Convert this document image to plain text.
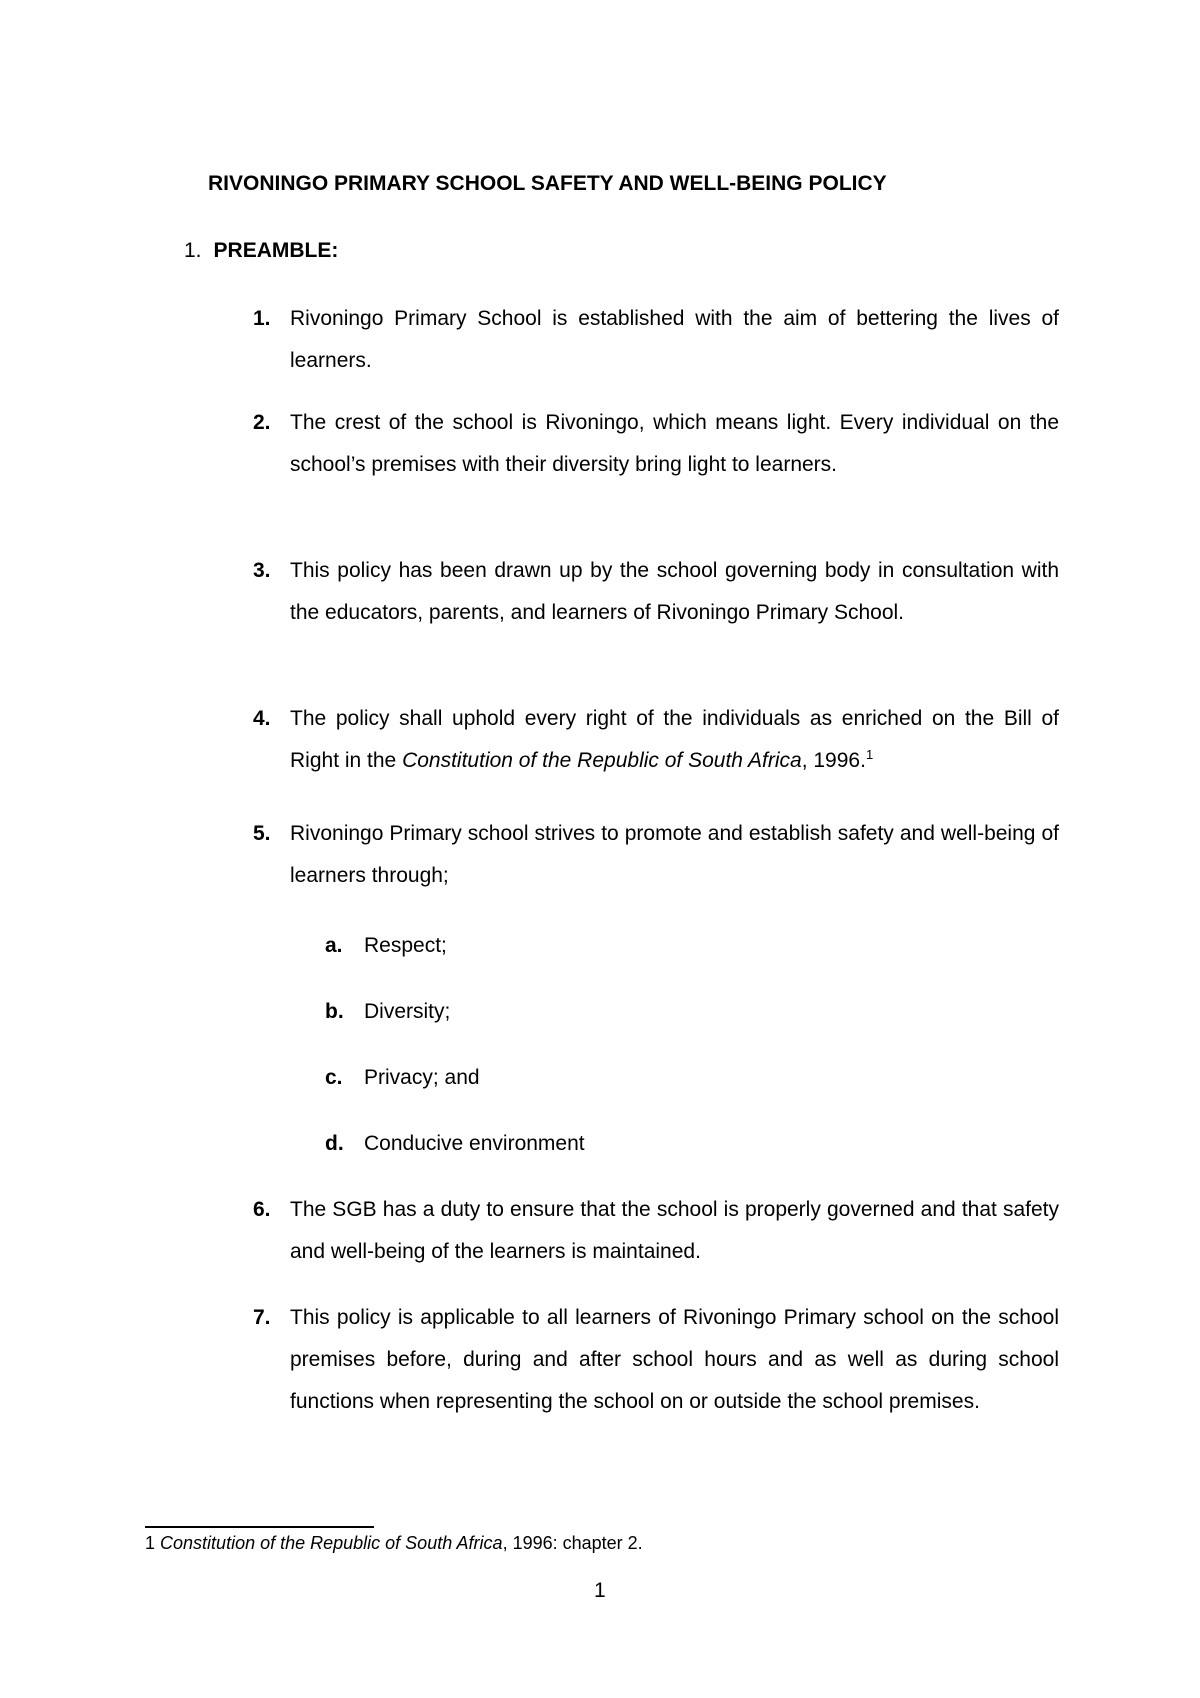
RIVONINGO PRIMARY SCHOOL SAFETY AND WELL-BEING POLICY
1. PREAMBLE:
1. Rivoningo Primary School is established with the aim of bettering the lives of learners.
2. The crest of the school is Rivoningo, which means light. Every individual on the school’s premises with their diversity bring light to learners.
3. This policy has been drawn up by the school governing body in consultation with the educators, parents, and learners of Rivoningo Primary School.
4. The policy shall uphold every right of the individuals as enriched on the Bill of Right in the Constitution of the Republic of South Africa, 1996.$^1$
5. Rivoningo Primary school strives to promote and establish safety and well-being of learners through;
a. Respect;
b. Diversity;
c. Privacy; and
d. Conducive environment
6. The SGB has a duty to ensure that the school is properly governed and that safety and well-being of the learners is maintained.
7. This policy is applicable to all learners of Rivoningo Primary school on the school premises before, during and after school hours and as well as during school functions when representing the school on or outside the school premises.
1 Constitution of the Republic of South Africa, 1996: chapter 2.
1
